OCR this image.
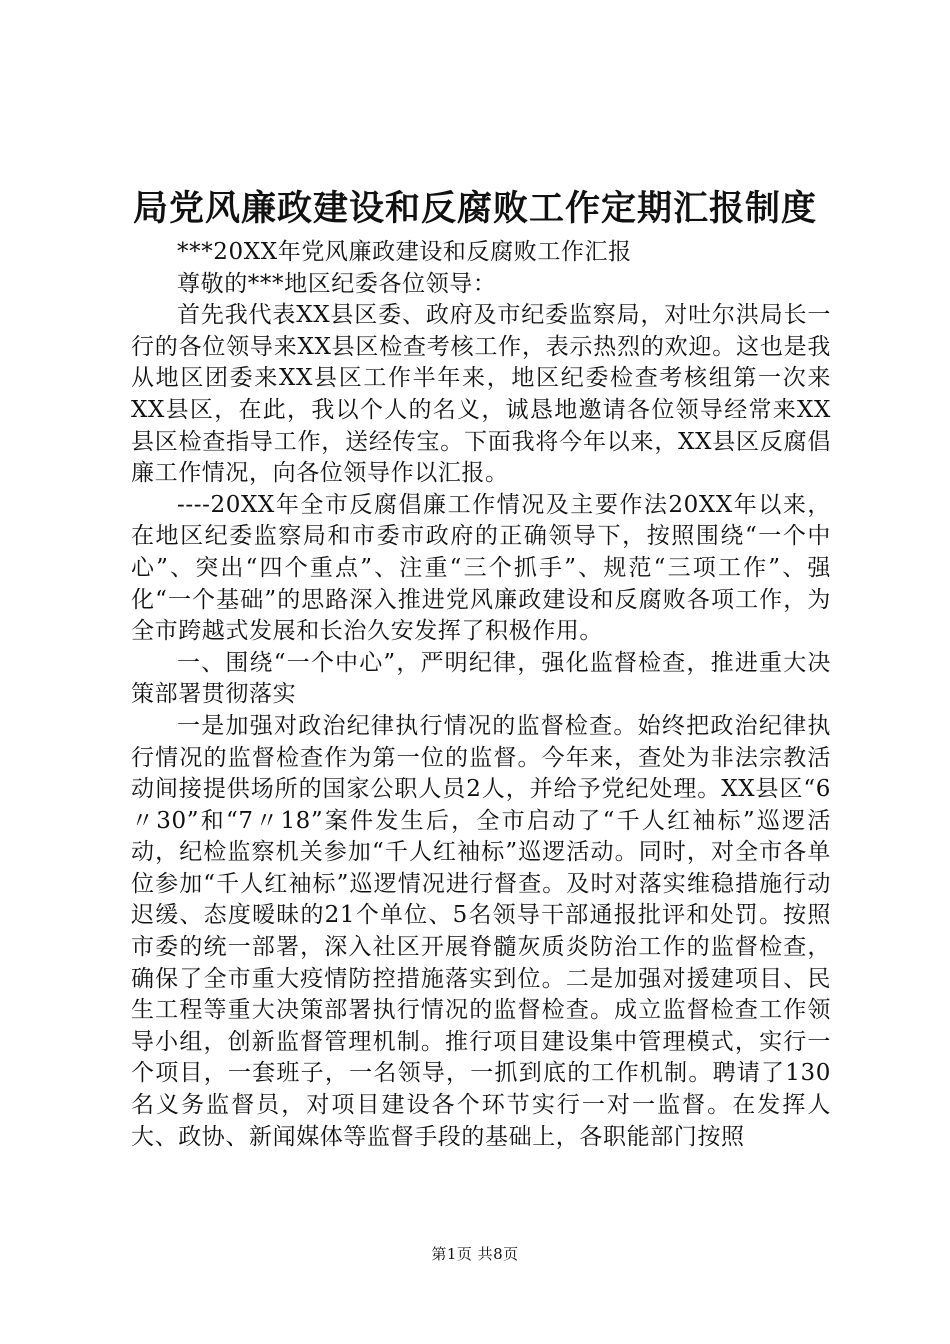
局党风廉政建设和反腐败工作定期汇报制度

***20XX年党风廉政建设和反腐败工作汇报

尊敬的***地区纪委各位领导：

首先我代表XX县区委、政府及市纪委监察局，对吐尔洪局长一行的各位领导来XX县区检查考核工作，表示热烈的欢迎。这也是我从地区团委来XX县区工作半年来，地区纪委检查考核组第一次来XX县区，在此，我以个人的名义，诚恳地邀请各位领导经常来XX县区检查指导工作，送经传宝。下面我将今年以来，XX县区反腐倡廉工作情况，向各位领导作以汇报。

----20XX年全市反腐倡廉工作情况及主要作法20XX年以来，在地区纪委监察局和市委市政府的正确领导下，按照围绕“一个中心”、突出“四个重点”、注重“三个抓手”、规范“三项工作”、强化“一个基础”的思路深入推进党风廉政建设和反腐败各项工作，为全市跨越式发展和长治久安发挥了积极作用。

一、围绕“一个中心”，严明纪律，强化监督检查，推进重大决策部署贯彻落实

一是加强对政治纪律执行情况的监督检查。始终把政治纪律执行情况的监督检查作为第一位的监督。今年来，查处为非法宗教活动间接提供场所的国家公职人员2人，并给予党纪处理。XX县区“6〃30”和“7〃18”案件发生后，全市启动了“千人红袖标”巡逻活动，纪检监察机关参加“千人红袖标”巡逻活动。同时，对全市各单位参加“千人红袖标”巡逻情况进行督查。及时对落实维稳措施行动迟缓、态度暧昧的21个单位、5名领导干部通报批评和处罚。按照市委的统一部署，深入社区开展脊髓灰质炎防治工作的监督检查，确保了全市重大疫情防控措施落实到位。二是加强对援建项目、民生工程等重大决策部署执行情况的监督检查。成立监督检查工作领导小组，创新监督管理机制。推行项目建设集中管理模式，实行一个项目，一套班子，一名领导，一抓到底的工作机制。聘请了130名义务监督员，对项目建设各个环节实行一对一监督。在发挥人大、政协、新闻媒体等监督手段的基础上，各职能部门按照

第1页 共8页
